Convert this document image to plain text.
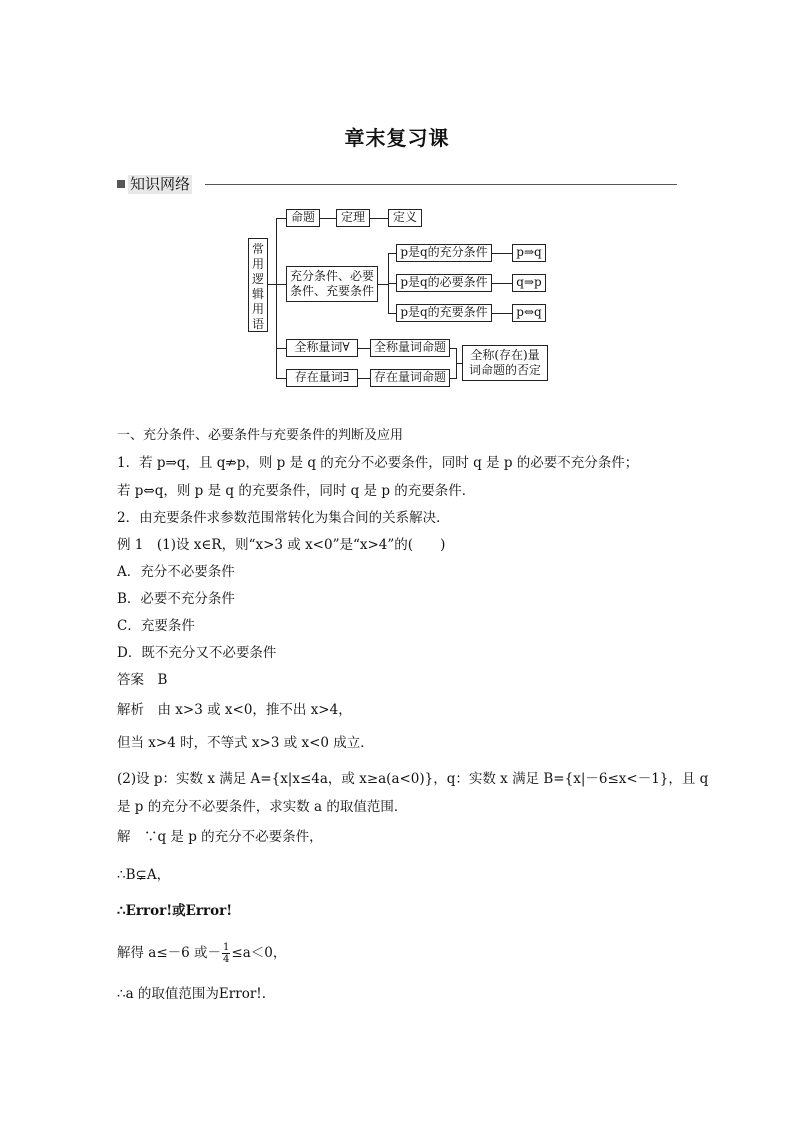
章末复习课
知识网络
常用逻辑用语
命题	定理	定义
充分条件、必要条件、充要条件
p是q的充分条件	p⇒q
p是q的必要条件	q⇒p
p是q的充要条件	p⇔q
全称量词∀	全称量词命题
存在量词∃	存在量词命题
全称(存在)量词命题的否定
一、充分条件、必要条件与充要条件的判断及应用
1．若 p⇒q，且 q⇏p，则 p 是 q 的充分不必要条件，同时 q 是 p 的必要不充分条件；
若 p⇔q，则 p 是 q 的充要条件，同时 q 是 p 的充要条件．
2．由充要条件求参数范围常转化为集合间的关系解决．
例 1　(1)设 x∈R，则“x>3 或 x<0”是“x>4”的(　　)
A．充分不必要条件
B．必要不充分条件
C．充要条件
D．既不充分又不必要条件
答案　B
解析　由 x>3 或 x<0，推不出 x>4，
但当 x>4 时，不等式 x>3 或 x<0 成立．
(2)设 p：实数 x 满足 A={x|x≤4a，或 x≥a(a<0)}，q：实数 x 满足 B={x|－6≤x<－1}，且 q
是 p 的充分不必要条件，求实数 a 的取值范围．
解　∵q 是 p 的充分不必要条件，
∴B⊊A，
∴Error!或Error!
解得 a≤－6 或－ $\frac{1}{4} \le a<0$，
∴a 的取值范围为Error!.
